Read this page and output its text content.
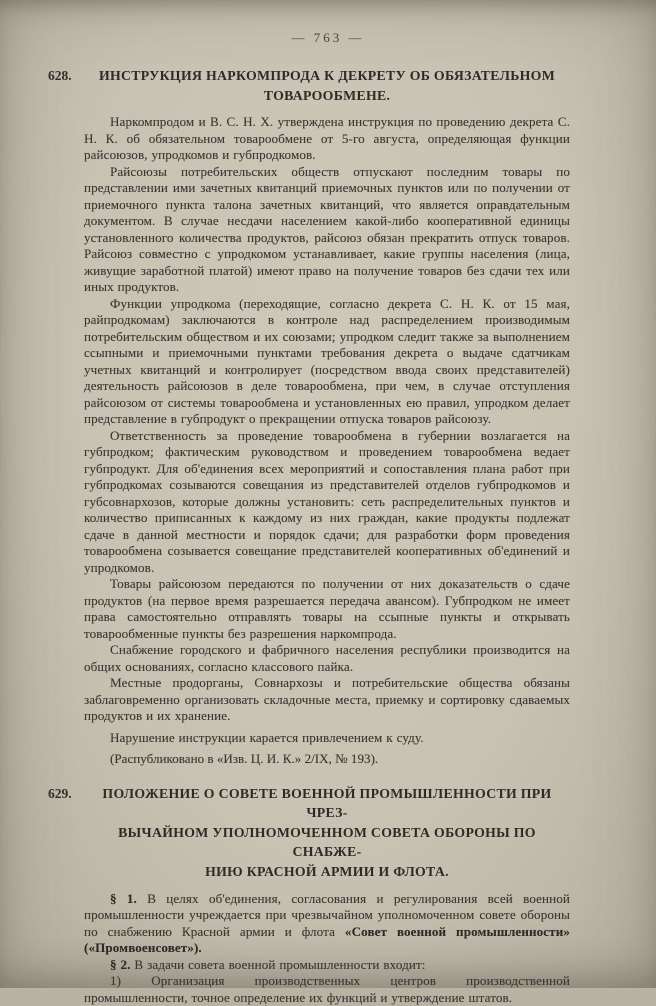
— 763 —
628.	ИНСТРУКЦИЯ НАРКОМПРОДА К ДЕКРЕТУ ОБ ОБЯЗАТЕЛЬНОМ
ТОВАРООБМЕНЕ.

Наркомпродом и В. С. Н. Х. утверждена инструкция по проведению декрета С. Н. К. об обязательном товарообмене от 5-го августа, определяющая функции райсоюзов, упродкомов и губпродкомов.

Райсоюзы потребительских обществ отпускают последним товары по представлении ими зачетных квитанций приемочных пунктов или по получении от приемочного пункта талона зачетных квитанций, что является оправдательным документом. В случае несдачи населением какой-либо кооперативной единицы установленного количества продуктов, райсоюз обязан прекратить отпуск товаров. Райсоюз совместно с упродкомом устанавливает, какие группы населения (лица, живущие заработной платой) имеют право на получение товаров без сдачи тех или иных продуктов.

Функции упродкома (переходящие, согласно декрета С. Н. К. от 15 мая, райпродкомам) заключаются в контроле над распределением производимым потребительским обществом и их союзами; упродком следит также за выполнением ссыпными и приемочными пунктами требования декрета о выдаче сдатчикам учетных квитанций и контролирует (посредством ввода своих представителей) деятельность райсоюзов в деле товарообмена, при чем, в случае отступления райсоюзом от системы товарообмена и установленных ею правил, упродком делает представление в губпродукт о прекращении отпуска товаров райсоюзу.

Ответственность за проведение товарообмена в губернии возлагается на губпродком; фактическим руководством и проведением товарообмена ведает губпродукт. Для об'единения всех мероприятий и сопоставления плана работ при губпродкомах созываются совещания из представителей отделов губпродкомов и губсовнархозов, которые должны установить: сеть распределительных пунктов и количество приписанных к каждому из них граждан, какие продукты подлежат сдаче в данной местности и порядок сдачи; для разработки форм проведения товарообмена созывается совещание представителей кооперативных об'единений и упродкомов.

Товары райсоюзом передаются по получении от них доказательств о сдаче продуктов (на первое время разрешается передача авансом). Губпродком не имеет права самостоятельно отправлять товары на ссыпные пункты и открывать товарообменные пункты без разрешения наркомпрода.

Снабжение городского и фабричного населения республики производится на общих основаниях, согласно классового пайка.

Местные продорганы, Совнархозы и потребительские общества обязаны заблаговременно организовать складочные места, приемку и сортировку сдаваемых продуктов и их хранение.

Нарушение инструкции карается привлечением к суду.

(Распубликовано в «Изв. Ц. И. К.» 2/IX, № 193).

629.	ПОЛОЖЕНИЕ О СОВЕТЕ ВОЕННОЙ ПРОМЫШЛЕННОСТИ ПРИ ЧРЕЗ-
ВЫЧАЙНОМ УПОЛНОМОЧЕННОМ СОВЕТА ОБОРОНЫ ПО СНАБЖЕ-
НИЮ КРАСНОЙ АРМИИ И ФЛОТА.

§ 1. В целях об'единения, согласования и регулирования всей военной промышленности учреждается при чрезвычайном уполномоченном совете обороны по снабжению Красной армии и флота «Совет военной промышленности» («Промвоенсовет»).

§ 2. В задачи совета военной промышленности входит:

1) Организация производственных центров производственной промышленности, точное определение их функций и утверждение штатов.
